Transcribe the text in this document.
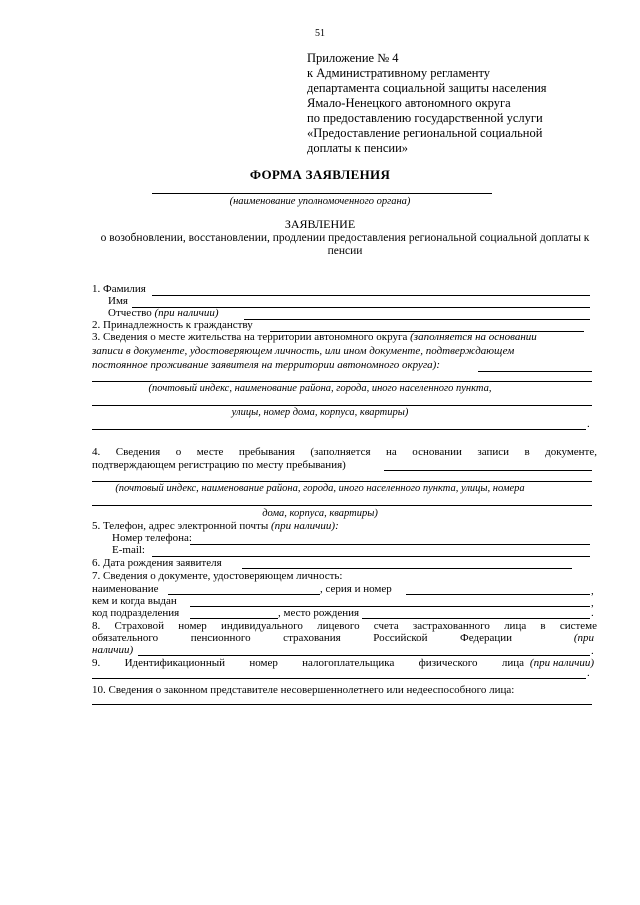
51
Приложение № 4
к Административному регламенту
департамента социальной защиты населения
Ямало-Ненецкого автономного округа
по предоставлению государственной услуги
«Предоставление региональной социальной
доплаты к пенсии»
ФОРМА ЗАЯВЛЕНИЯ
(наименование уполномоченного органа)
ЗАЯВЛЕНИЕ
о возобновлении, восстановлении, продлении предоставления региональной социальной доплаты к пенсии
1. Фамилия
Имя
Отчество (при наличии)
2. Принадлежность к гражданству
3. Сведения о месте жительства на территории автономного округа (заполняется на основании
записи в документе, удостоверяющем личность, или ином документе, подтверждающем
постоянное проживание заявителя на территории автономного округа):
(почтовый индекс, наименование района, города, иного населенного пункта,
улицы, номер дома, корпуса, квартиры)
.
4. Сведения о месте пребывания (заполняется на основании записи в документе,
подтверждающем регистрацию по месту пребывания)
(почтовый индекс, наименование района, города, иного населенного пункта, улицы, номера
дома, корпуса, квартиры)
5. Телефон, адрес электронной почты (при наличии):
Номер телефона:
E-mail:
6. Дата рождения заявителя
7. Сведения о документе, удостоверяющем личность:
наименование	, серия и номер	,
кем и когда выдан	,
код подразделения	, место рождения	.
8. Страховой номер индивидуального лицевого счета застрахованного лица в системе
обязательного пенсионного страхования Российской Федерации	(при
наличии)	.
9. Идентификационный номер налогоплательщика физического лица (при наличии)
.
10. Сведения о законном представителе несовершеннолетнего или недееспособного лица:
